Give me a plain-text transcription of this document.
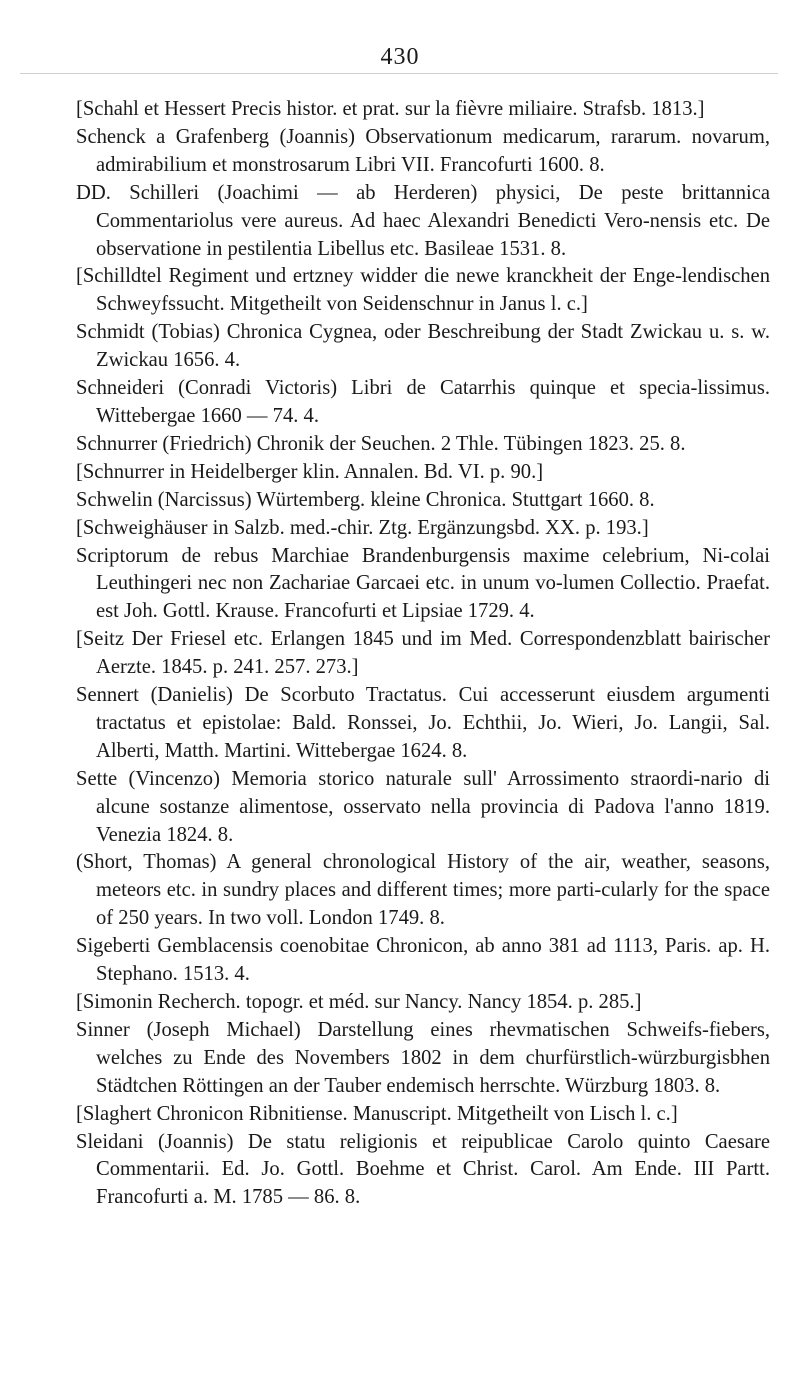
430
[Schahl et Hessert Precis histor. et prat. sur la fièvre miliaire. Strafsb. 1813.]
Schenck a Grafenberg (Joannis) Observationum medicarum, rararum. novarum, admirabilium et monstrosarum Libri VII. Francofurti 1600. 8.
DD. Schilleri (Joachimi — ab Herderen) physici, De peste brittannica Commentariolus vere aureus. Ad haec Alexandri Benedicti Vero-nensis etc. De observatione in pestilentia Libellus etc. Basileae 1531. 8.
[Schilldtel Regiment und ertzney widder die newe kranckheit der Enge-lendischen Schweyfssucht. Mitgetheilt von Seidenschnur in Janus l. c.]
Schmidt (Tobias) Chronica Cygnea, oder Beschreibung der Stadt Zwickau u. s. w. Zwickau 1656. 4.
Schneideri (Conradi Victoris) Libri de Catarrhis quinque et specia-lissimus. Wittebergae 1660 — 74. 4.
Schnurrer (Friedrich) Chronik der Seuchen. 2 Thle. Tübingen 1823. 25. 8.
[Schnurrer in Heidelberger klin. Annalen. Bd. VI. p. 90.]
Schwelin (Narcissus) Würtemberg. kleine Chronica. Stuttgart 1660. 8.
[Schweighäuser in Salzb. med.-chir. Ztg. Ergänzungsbd. XX. p. 193.]
Scriptorum de rebus Marchiae Brandenburgensis maxime celebrium, Ni-colai Leuthingeri nec non Zachariae Garcaei etc. in unum vo-lumen Collectio. Praefat. est Joh. Gottl. Krause. Francofurti et Lipsiae 1729. 4.
[Seitz Der Friesel etc. Erlangen 1845 und im Med. Correspondenzblatt bairischer Aerzte. 1845. p. 241. 257. 273.]
Sennert (Danielis) De Scorbuto Tractatus. Cui accesserunt eiusdem argumenti tractatus et epistolae: Bald. Ronssei, Jo. Echthii, Jo. Wieri, Jo. Langii, Sal. Alberti, Matth. Martini. Wittebergae 1624. 8.
Sette (Vincenzo) Memoria storico naturale sull' Arrossimento straordi-nario di alcune sostanze alimentose, osservato nella provincia di Padova l'anno 1819. Venezia 1824. 8.
(Short, Thomas) A general chronological History of the air, weather, seasons, meteors etc. in sundry places and different times; more parti-cularly for the space of 250 years. In two voll. London 1749. 8.
Sigeberti Gemblacensis coenobitae Chronicon, ab anno 381 ad 1113, Paris. ap. H. Stephano. 1513. 4.
[Simonin Recherch. topogr. et méd. sur Nancy. Nancy 1854. p. 285.]
Sinner (Joseph Michael) Darstellung eines rhevmatischen Schweifs-fiebers, welches zu Ende des Novembers 1802 in dem churfürstlich-würzburgisbhen Städtchen Röttingen an der Tauber endemisch herrschte. Würzburg 1803. 8.
[Slaghert Chronicon Ribnitiense. Manuscript. Mitgetheilt von Lisch l. c.]
Sleidani (Joannis) De statu religionis et reipublicae Carolo quinto Caesare Commentarii. Ed. Jo. Gottl. Boehme et Christ. Carol. Am Ende. III Partt. Francofurti a. M. 1785 — 86. 8.
